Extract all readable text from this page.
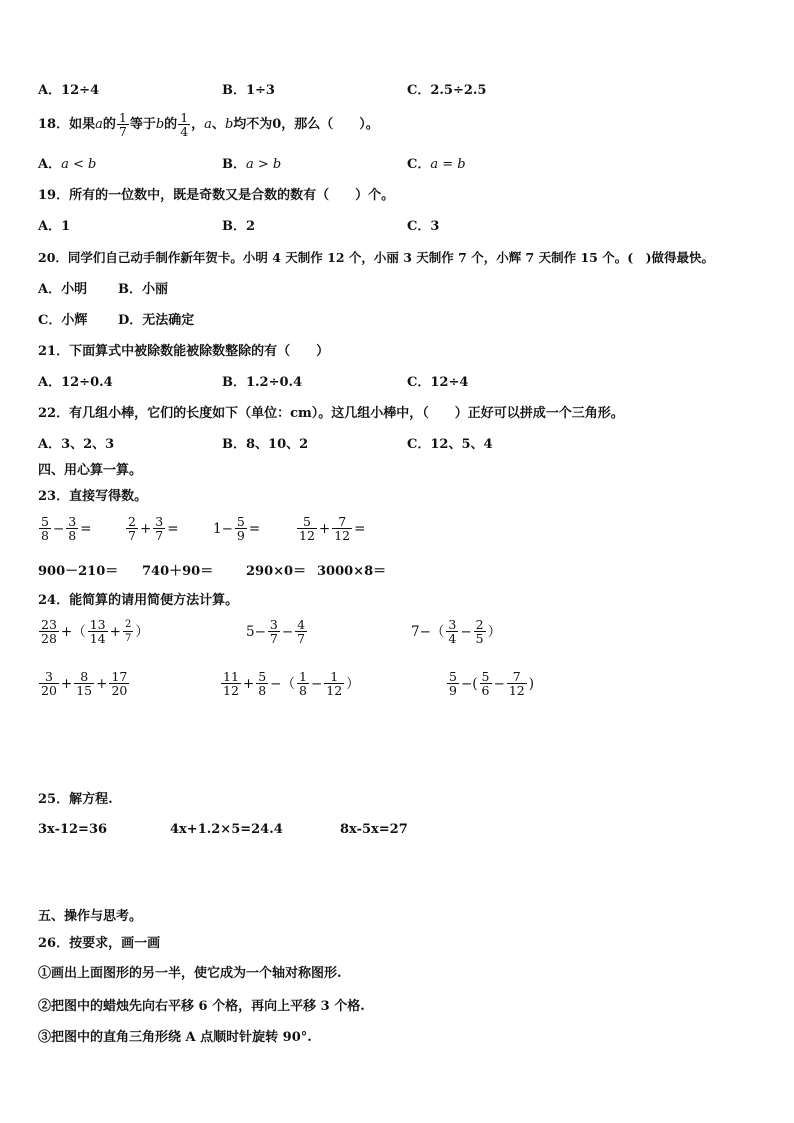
A．12÷4	B．1÷3	C．2.5÷2.5
18．如果 a 的 $\frac{1}{7}$ 等于 b 的 $\frac{1}{4}$ ， a 、 b 均不为0，那么（　　）。
A．a < b	B．a > b	C．a = b
19．所有的一位数中，既是奇数又是合数的数有（　　）个。
A．1	B．2	C．3
20．同学们自己动手制作新年贺卡。小明 4 天制作 12 个，小丽 3 天制作 7 个，小辉 7 天制作 15 个。(　)做得最快。
A．小明 B．小丽
C．小辉 D．无法确定
21．下面算式中被除数能被除数整除的有（　　）
A．12÷0.4	B．1.2÷0.4	C．12÷4
22．有几组小棒，它们的长度如下（单位：cm）。这几组小棒中，（　　）正好可以拼成一个三角形。
A．3、2、3	B．8、10、2	C．12、5、4
四、用心算一算。
23．直接写得数。
$\frac{5}{8} - \frac{3}{8}$ =	$\frac{2}{7} + \frac{3}{7}$ =	$1- \frac{5}{9}$ =	$\frac{5}{12} + \frac{7}{12}$ =
900－210＝ 740＋90＝	290×0＝ 3000×8＝
24．能简算的请用简便方法计算。
$\frac{23}{28}$ +（ $\frac{13}{14} + \frac{2}{7}$ ）	$5- \frac{3}{7} - \frac{4}{7}$	$7-( \frac{3}{4} - \frac{2}{5}$ ）
$\frac{3}{20} + \frac{8}{15} + \frac{17}{20}$	$\frac{11}{12} + \frac{5}{8}$ −（ $\frac{1}{8} - \frac{1}{12}$ ）	$\frac{5}{9}$ −( $\frac{5}{6} - \frac{7}{12}$ )
25．解方程.
3x-12=36	4x+1.2×5=24.4	8x-5x=27
五、操作与思考。
26．按要求，画一画
①画出上面图形的另一半，使它成为一个轴对称图形.
②把图中的蜡烛先向右平移 6 个格，再向上平移 3 个格.
③把图中的直角三角形绕 A 点顺时针旋转 90°.
